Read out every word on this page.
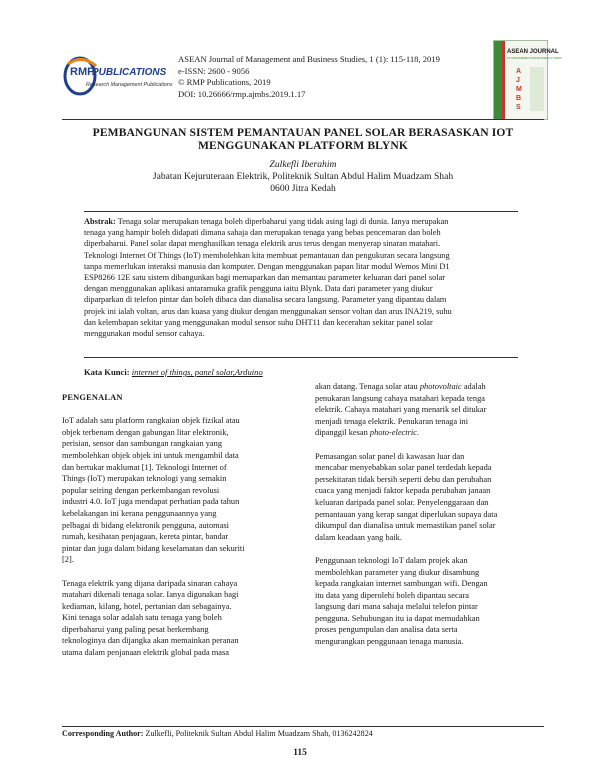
RMP
PUBLICATIONS
Research Management Publications
ASEAN Journal of Management and Business Studies, 1 (1): 115-118, 2019
e-ISSN: 2600 - 9056
© RMP Publications, 2019
DOI: 10.26666/rmp.ajmbs.2019.1.17
ASEAN JOURNAL
OF MANAGEMENT AND BUSINESS STUDIES
A
J
M
B
S
PEMBANGUNAN SISTEM PEMANTAUAN PANEL SOLAR BERASASKAN IOT
MENGGUNAKAN PLATFORM BLYNK
Zulkefli Iberahim
Jabatan Kejuruteraan Elektrik, Politeknik Sultan Abdul Halim Muadzam Shah
0600 Jitra Kedah
Abstrak: Tenaga solar merupakan tenaga boleh diperbaharui yang tidak asing lagi di dunia. Ianya merupakan
tenaga yang hampir boleh didapati dimana sahaja dan merupakan tenaga yang bebas pencemaran dan boleh
diperbaharui. Panel solar dapat menghasilkan tenaga elektrik arus terus dengan menyerap sinaran matahari.
Teknologi Internet Of Things (IoT) membolehkan kita membuat pemantauan dan pengukuran secara langsung
tanpa memerlukan interaksi manusia dan komputer. Dengan menggunakan papan litar modul Wemos Mini D1
ESP8266 12E satu sistem dibangunkan bagi memaparkan dan memantau parameter keluaran dari panel solar
dengan menggunakan aplikasi antaramuka grafik pengguna iaitu Blynk. Data dari parameter yang diukur
diparparkan di telefon pintar dan boleh dibaca dan dianalisa secara langsung. Parameter yang dipantau dalam
projek ini ialah voltan, arus dan kuasa yang diukur dengan menggunakan sensor voltan dan arus INA219, suhu
dan kelembapan sekitar yang menggunakan modul sensor suhu DHT11 dan kecerahan sekitar panel solar
menggunakan modul sensor cahaya.
Kata Kunci: internet of things, panel solar,Arduino
PENGENALAN
IoT adalah satu platform rangkaian objek fizikal atau
objek terbenam dengan gabungan litar elektronik,
perisian, sensor dan sambungan rangkaian yang
membolehkan objek objek ini untuk mengambil data
dan bertukar maklumat [1]. Teknologi Internet of
Things (IoT) merupakan teknologi yang semakin
popular seiring dengan perkembangan revolusi
industri 4.0. IoT juga mendapat perhatian pada tahun
kebelakangan ini kerana penggunaannya yang
pelbagai di bidang elektronik pengguna, automasi
rumah, kesihatan penjagaan, kereta pintar, bandar
pintar dan juga dalam bidang keselamatan dan sekuriti
[2].
Tenaga elektrik yang dijana daripada sinaran cahaya
matahari dikenali tenaga solar. Ianya digunakan bagi
kediaman, kilang, hotel, pertanian dan sebagainya.
Kini tenaga solar adalah satu tenaga yang boleh
diperbaharui yang paling pesat berkembang
teknologinya dan dijangka akan memainkan peranan
utama dalam penjanaan elektrik global pada masa
akan datang. Tenaga solar atau photovoltaic adalah
penukaran langsung cahaya matahari kepada tenga
elektrik. Cahaya matahari yang menarik sel ditukar
menjadi tenaga elektrik. Penukaran tenaga ini
dipanggil kesan photo-electric.
Pemasangan solar panel di kawasan luar dan
mencabar menyebabkan solar panel terdedah kepada
persekitaran tidak bersih seperti debu dan perubahan
cuaca yang menjadi faktor kepada perubahan janaan
keluaran daripada panel solar. Penyelenggaraan dan
pemantauan yang kerap sangat diperlukan supaya data
dikumpul dan dianalisa untuk memastikan panel solar
dalam keadaan yang baik.
Penggunaan teknologi IoT dalam projek akan
membolehkan parameter yang diukur disambung
kepada rangkaian internet sambungan wifi. Dengan
itu data yang diperolehi boleh dipantau secara
langsung dari mana sahaja melalui telefon pintar
pengguna. Sehubungan itu ia dapat memudahkan
proses pengumpulan dan analisa data serta
mengurangkan penggunaan tenaga manusia.
Corresponding Author: Zulkefli, Politeknik Sultan Abdul Halim Muadzam Shah, 0136242824
115
